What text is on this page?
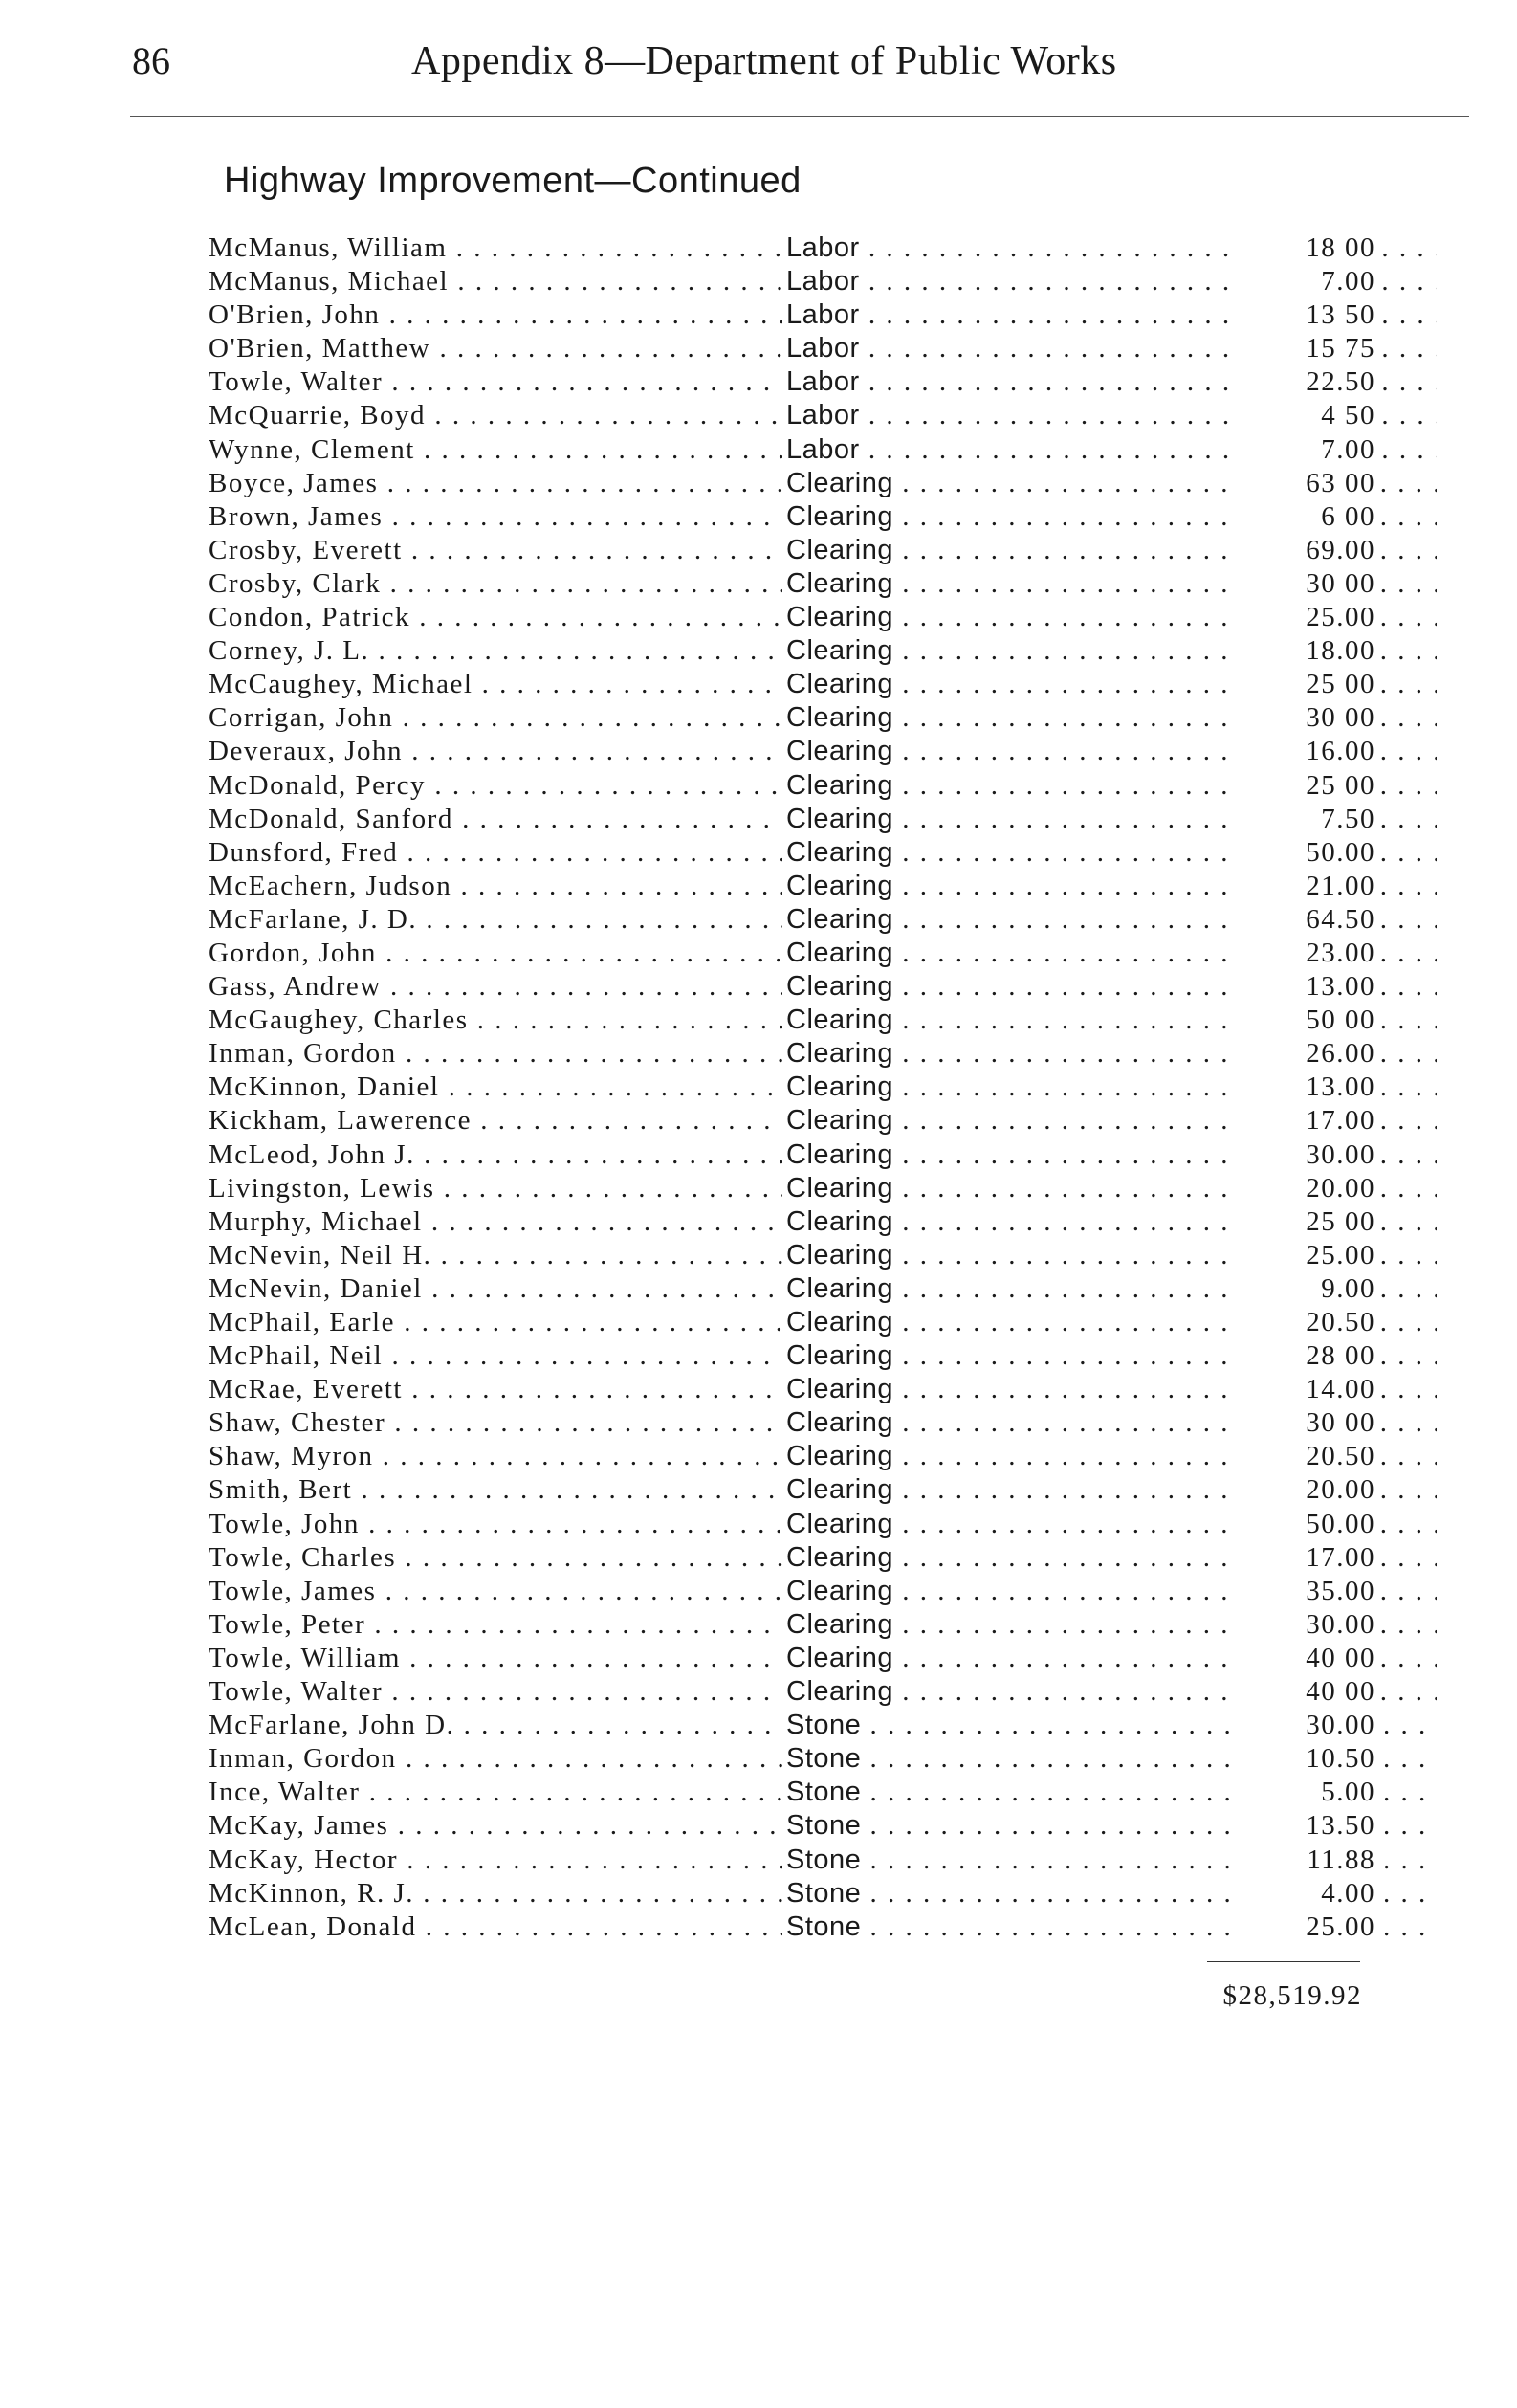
86	Appendix 8—Department of Public Works
Highway Improvement—Continued
McManus, William . . .	Labor . . .	18 00
McManus, Michael . . .	Labor . . .	7.00
O'Brien, John . . .	Labor . . .	13 50
O'Brien, Matthew . . .	Labor . . .	15 75
Towle, Walter . . .	Labor . . .	22.50
McQuarrie, Boyd . . .	Labor . . .	4 50
Wynne, Clement . . .	Labor . . .	7.00
Boyce, James . . .	Clearing . . .	63 00
Brown, James . . .	Clearing . . .	6 00
Crosby, Everett . . .	Clearing . . .	69.00
Crosby, Clark . . .	Clearing . . .	30 00
Condon, Patrick . . .	Clearing . . .	25.00
Corney, J. L. . . .	Clearing . . .	18.00
McCaughey, Michael . . .	Clearing . . .	25 00
Corrigan, John . . .	Clearing . . .	30 00
Deveraux, John . . .	Clearing . . .	16.00
McDonald, Percy . . .	Clearing . . .	25 00
McDonald, Sanford . . .	Clearing . . .	7.50
Dunsford, Fred . . .	Clearing . . .	50.00
McEachern, Judson . . .	Clearing . . .	21.00
McFarlane, J. D. . . .	Clearing . . .	64.50
Gordon, John . . .	Clearing . . .	23.00
Gass, Andrew . . .	Clearing . . .	13.00
McGaughey, Charles . . .	Clearing . . .	50 00
Inman, Gordon . . .	Clearing . . .	26.00
McKinnon, Daniel . . .	Clearing . . .	13.00
Kickham, Lawerence . . .	Clearing . . .	17.00
McLeod, John J. . . .	Clearing . . .	30.00
Livingston, Lewis . . .	Clearing . . .	20.00
Murphy, Michael . . .	Clearing . . .	25 00
McNevin, Neil H. . . .	Clearing . . .	25.00
McNevin, Daniel . . .	Clearing . . .	9.00
McPhail, Earle . . .	Clearing . . .	20.50
McPhail, Neil . . .	Clearing . . .	28 00
McRae, Everett . . .	Clearing . . .	14.00
Shaw, Chester . . .	Clearing . . .	30 00
Shaw, Myron . . .	Clearing . . .	20.50
Smith, Bert . . .	Clearing . . .	20.00
Towle, John . . .	Clearing . . .	50.00
Towle, Charles . . .	Clearing . . .	17.00
Towle, James . . .	Clearing . . .	35.00
Towle, Peter . . .	Clearing . . .	30.00
Towle, William . . .	Clearing . . .	40 00
Towle, Walter . . .	Clearing . . .	40 00
McFarlane, John D. . . .	Stone . . .	30.00
Inman, Gordon . . .	Stone . . .	10.50
Ince, Walter . . .	Stone . . .	5.00
McKay, James . . .	Stone . . .	13.50
McKay, Hector . . .	Stone . . .	11.88
McKinnon, R. J. . . .	Stone . . .	4.00
McLean, Donald . . .	Stone . . .	25.00
$28,519.92
